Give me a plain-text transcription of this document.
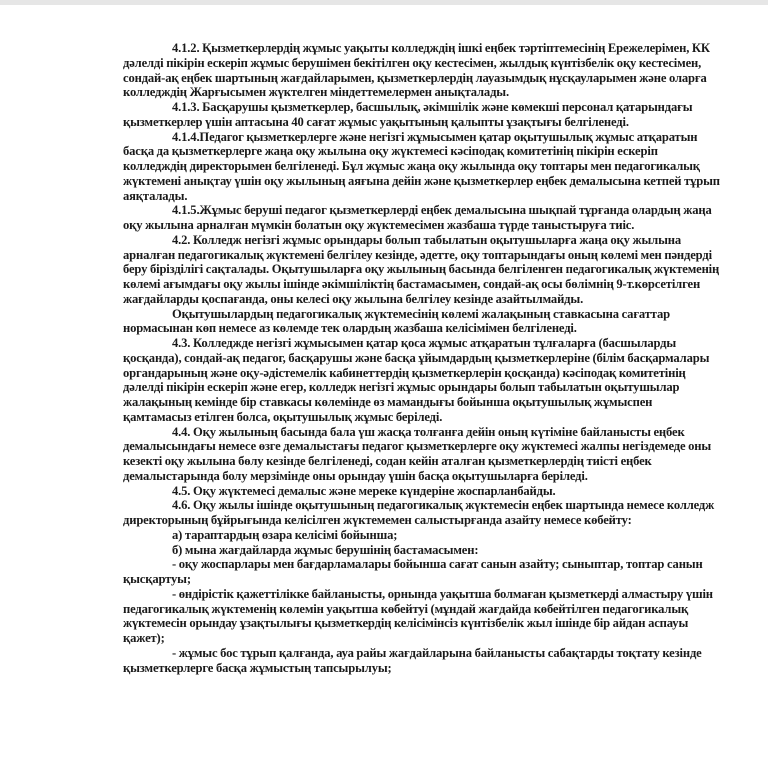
4.1.2. Қызметкерлердің жұмыс уақыты колледждің ішкі еңбек тәртіптемесінің Ережелерімен, КК дәлелді пікірін ескеріп жұмыс берушімен бекітілген оқу кестесімен, жылдық күнтізбелік оқу кестесімен, сондай-ақ еңбек шартының жағдайларымен, қызметкерлердің лауазымдық нұсқауларымен және оларға колледждің Жарғысымен жүктелген міндеттемелермен анықталады.

4.1.3. Басқарушы қызметкерлер, басшылық, әкімшілік және көмекші персонал қатарындағы қызметкерлер үшін аптасына 40 сағат жұмыс уақытының қалыпты ұзақтығы белгіленеді.

4.1.4.Педагог қызметкерлерге және негізгі жұмысымен қатар оқытушылық жұмыс атқаратын басқа да қызметкерлерге жаңа оқу жылына оқу жүктемесі кәсіподақ комитетінің пікірін ескеріп колледждің директорымен белгіленеді. Бұл жұмыс жаңа оқу жылында оқу топтары мен педагогикалық жүктемені анықтау үшін оқу жылының аяғына дейін және қызметкерлер еңбек демалысына кетпей тұрып аяқталады.

4.1.5.Жұмыс беруші педагог қызметкерлерді еңбек демалысына шықпай тұрғанда олардың жаңа оқу жылына арналған мүмкін болатын оқу жүктемесімен жазбаша түрде таныстыруға тиіс.

4.2. Колледж негізгі жұмыс орындары болып табылатын оқытушыларға жаңа оқу жылына арналған педагогикалық жүктемені белгілеу кезінде, әдетте, оқу топтарындағы оның көлемі мен пәндерді беру бірізділігі сақталады. Оқытушыларға оқу жылының басында белгіленген педагогикалық жүктеменің көлемі ағымдағы оқу жылы ішінде әкімшіліктің бастамасымен, сондай-ақ осы бөлімнің 9-т.көрсетілген жағдайларды қоспағанда, оны келесі оқу жылына белгілеу кезінде азайтылмайды.

Оқытушылардың педагогикалық жүктемесінің көлемі жалақының ставкасына сағаттар нормасынан көп немесе аз көлемде тек олардың жазбаша келісімімен белгіленеді.

4.3. Колледжде негізгі жұмысымен қатар қоса жұмыс атқаратын тұлғаларға (басшыларды қосқанда), сондай-ақ педагог, басқарушы және басқа ұйымдардың қызметкерлеріне (білім басқармалары органдарының және оқу-әдістемелік кабинеттердің қызметкерлерін қосқанда) кәсіподақ комитетінің дәлелді пікірін ескеріп және егер, колледж негізгі жұмыс орындары болып табылатын оқытушылар жалақының кемінде бір ставкасы көлемінде өз мамандығы бойынша оқытушылық жұмыспен қамтамасыз етілген болса, оқытушылық жұмыс беріледі.

4.4. Оқу жылының басында бала үш жасқа толғанға дейін оның күтіміне байланысты еңбек демалысындағы немесе өзге демалыстағы педагог қызметкерлерге оқу жүктемесі жалпы негіздемеде оны кезекті оқу жылына бөлу кезінде белгіленеді, содан кейін аталған қызметкерлердің тиісті еңбек демалыстарында болу мерзімінде оны орындау үшін басқа оқытушыларға беріледі.

4.5. Оқу жүктемесі демалыс және мереке күндеріне жоспарланбайды.

4.6. Оқу жылы ішінде оқытушының педагогикалық жүктемесін еңбек шартында немесе колледж директорының бұйрығында келісілген жүктемемен салыстырғанда азайту немесе көбейту:

а) тараптардың өзара келісімі бойынша;

б) мына жағдайларда жұмыс берушінің бастамасымен:

- оқу жоспарлары мен бағдарламалары бойынша сағат санын азайту; сыныптар, топтар санын қысқартуы;

- өндірістік қажеттілікке байланысты, орнында уақытша болмаған қызметкерді алмастыру үшін педагогикалық жүктеменің көлемін уақытша көбейтуі (мұндай жағдайда көбейтілген педагогикалық жүктемесін орындау ұзақтылығы қызметкердің келісімінсіз күнтізбелік жыл ішінде бір айдан аспауы қажет);

- жұмыс бос тұрып қалғанда, ауа райы жағдайларына байланысты сабақтарды тоқтату кезінде қызметкерлерге басқа жұмыстың тапсырылуы;
